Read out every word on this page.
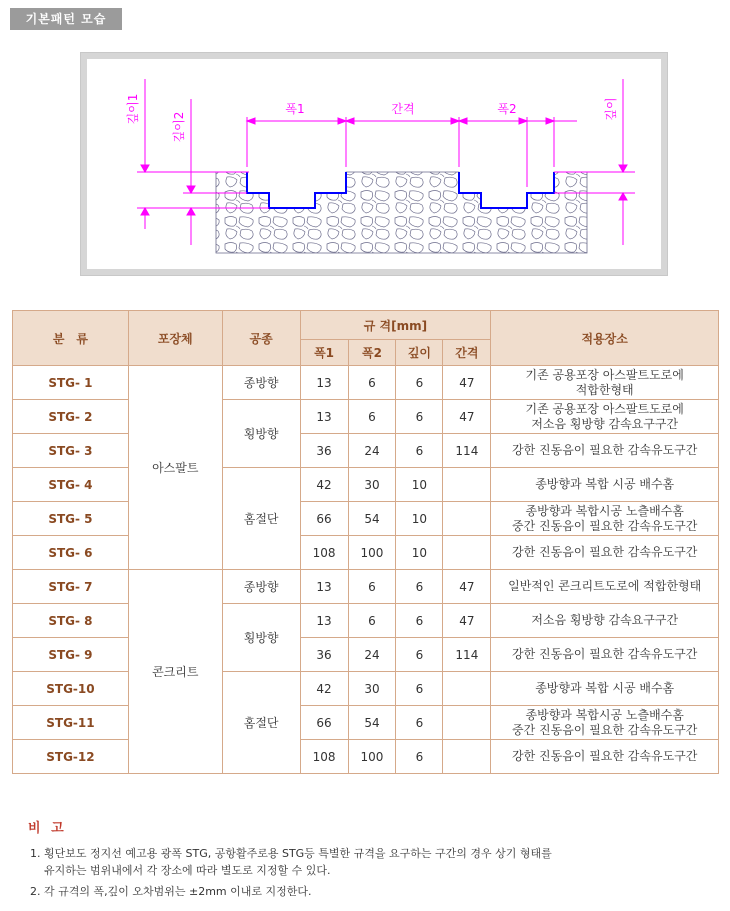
기본패턴 모습
폭1	간격	폭2
깊이1
깊이2
깊이
분　류	포장체	공종	규 격[mm]				적용장소
			폭1	폭2	깊이	간격	
STG- 1	아스팔트	종방향	13	6	6	47	기존 공용포장 아스팔트도로에
적합한형태

STG- 2		횡방향	13	6	6	47	기존 공용포장 아스팔트도로에
저소음 횡방향 감속요구구간

STG- 3			36	24	6	114	강한 진동음이 필요한 감속유도구간
STG- 4		홈절단	42	30	10		종방향과 복합 시공 배수홈
STG- 5			66	54	10		종방향과 복합시공 노츨배수홈
중간 진동음이 필요한 감속유도구간

STG- 6			108	100	10		강한 진동음이 필요한 감속유도구간
STG- 7	콘크리트	종방향	13	6	6	47	일반적인 콘크리트도로에 적합한형태
STG- 8		횡방향	13	6	6	47	저소음 횡방향 감속요구구간
STG- 9			36	24	6	114	강한 진동음이 필요한 감속유도구간
STG-10		홈절단	42	30	6		종방향과 복합 시공 배수홈
STG-11			66	54	6		종방향과 복합시공 노츨배수홈
중간 진동음이 필요한 감속유도구간

STG-12			108	100	6		강한 진동음이 필요한 감속유도구간
비 고
1. 횡단보도 정지선 예고용 광폭 STG, 공항활주로용 STG등 특별한 규격을 요구하는 구간의 경우 상기 형태를
유지하는 범위내에서 각 장소에 따라 별도로 지정할 수 있다.
2. 각 규격의 폭,깊이 오차범위는 ±2mm 이내로 지정한다.
